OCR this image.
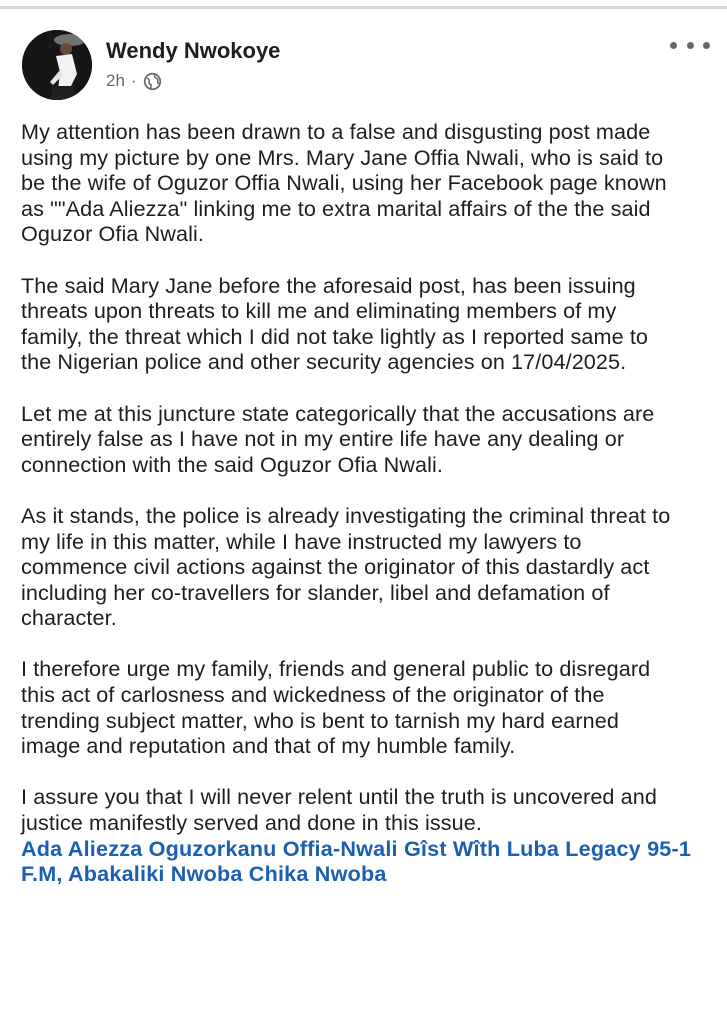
Wendy Nwokoye
2h ·

My attention has been drawn to a false and disgusting post made
using my picture by one Mrs. Mary Jane Offia Nwali, who is said to
be the wife of Oguzor Offia Nwali, using her Facebook page known
as ""Ada Aliezza" linking me to extra marital affairs of the the said
Oguzor Ofia Nwali.

The said Mary Jane before the aforesaid post, has been issuing
threats upon threats to kill me and eliminating members of my
family, the threat which I did not take lightly as I reported same to
the Nigerian police and other security agencies on 17/04/2025.

Let me at this juncture state categorically that the accusations are
entirely false as I have not in my entire life have any dealing or
connection with the said Oguzor Ofia Nwali.

As it stands, the police is already investigating the criminal threat to
my life in this matter, while I have instructed my lawyers to
commence civil actions against the originator of this dastardly act
including her co-travellers for slander, libel and defamation of
character.

I therefore urge my family, friends and general public to disregard
this act of carlosness and wickedness of the originator of the
trending subject matter, who is bent to tarnish my hard earned
image and reputation and that of my humble family.

I assure you that I will never relent until the truth is uncovered and
justice manifestly served and done in this issue.

Ada Aliezza Oguzorkanu Offia-Nwali Gîst Wîth Luba Legacy 95-1
F.M, Abakaliki Nwoba Chika Nwoba
